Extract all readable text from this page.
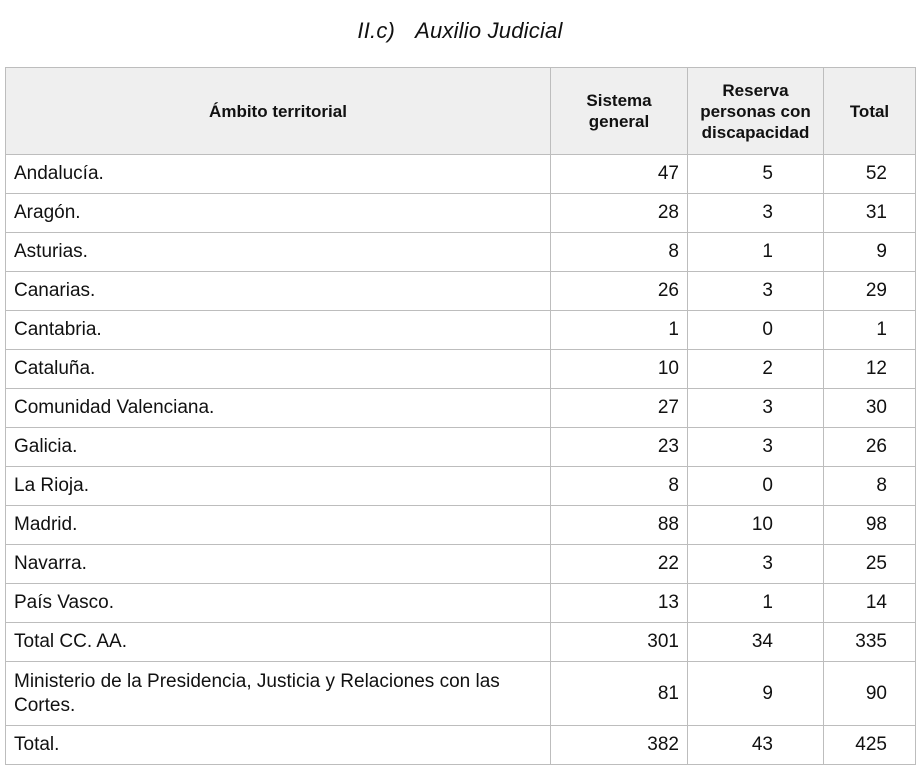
II.c) Auxilio Judicial
Ámbito territorial	Sistema general	Reserva personas con discapacidad	Total
Andalucía.	47	5	52
Aragón.	28	3	31
Asturias.	8	1	9
Canarias.	26	3	29
Cantabria.	1	0	1
Cataluña.	10	2	12
Comunidad Valenciana.	27	3	30
Galicia.	23	3	26
La Rioja.	8	0	8
Madrid.	88	10	98
Navarra.	22	3	25
País Vasco.	13	1	14
Total CC. AA.	301	34	335
Ministerio de la Presidencia, Justicia y Relaciones con las Cortes.	81	9	90
Total.	382	43	425
